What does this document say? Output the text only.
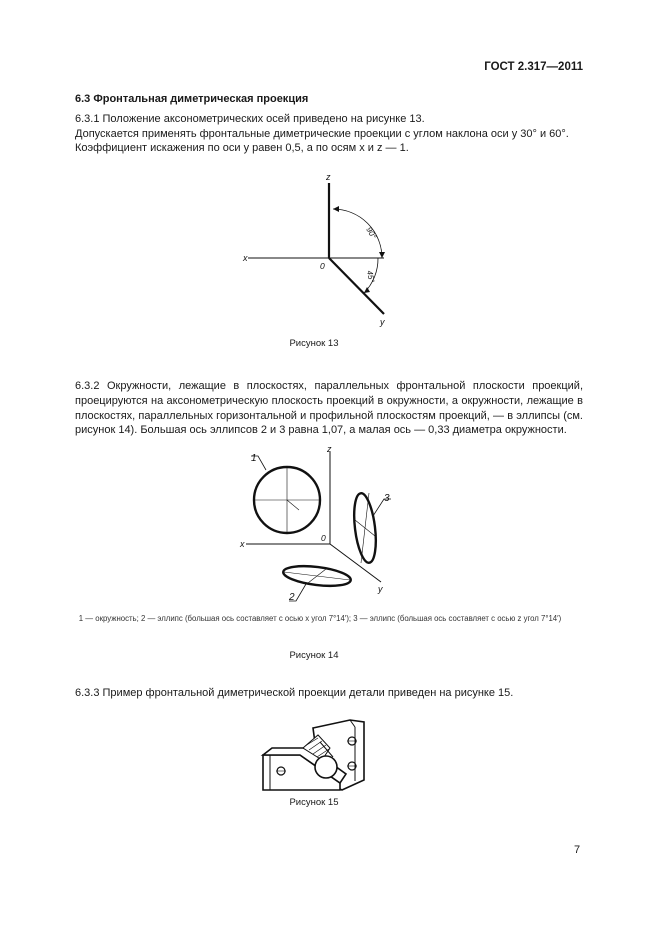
ГОСТ 2.317—2011
6.3 Фронтальная диметрическая проекция
6.3.1 Положение аксонометрических осей приведено на рисунке 13.
Допускается применять фронтальные диметрические проекции с углом наклона оси y 30° и 60°.
Коэффициент искажения по оси y равен 0,5, а по осям x и z — 1.
z
x
y
0
90°
45°
1
3
2
z
x
y
0
Рисунок 13

6.3.2 Окружности, лежащие в плоскостях, параллельных фронтальной плоскости проекций, проецируются на аксонометрическую плоскость проекций в окружности, а окружности, лежащие в плоскостях, параллельных горизонтальной и профильной плоскостям проекций, — в эллипсы (см. рисунок 14). Большая ось эллипсов 2 и 3 равна 1,07, а малая ось — 0,33 диаметра окружности.

1 — окружность; 2 — эллипс (большая ось составляет с осью x угол 7°14′); 3 — эллипс (большая ось составляет с осью z угол 7°14′)
Рисунок 14
6.3.3 Пример фронтальной диметрической проекции детали приведен на рисунке 15.
Рисунок 15
7
